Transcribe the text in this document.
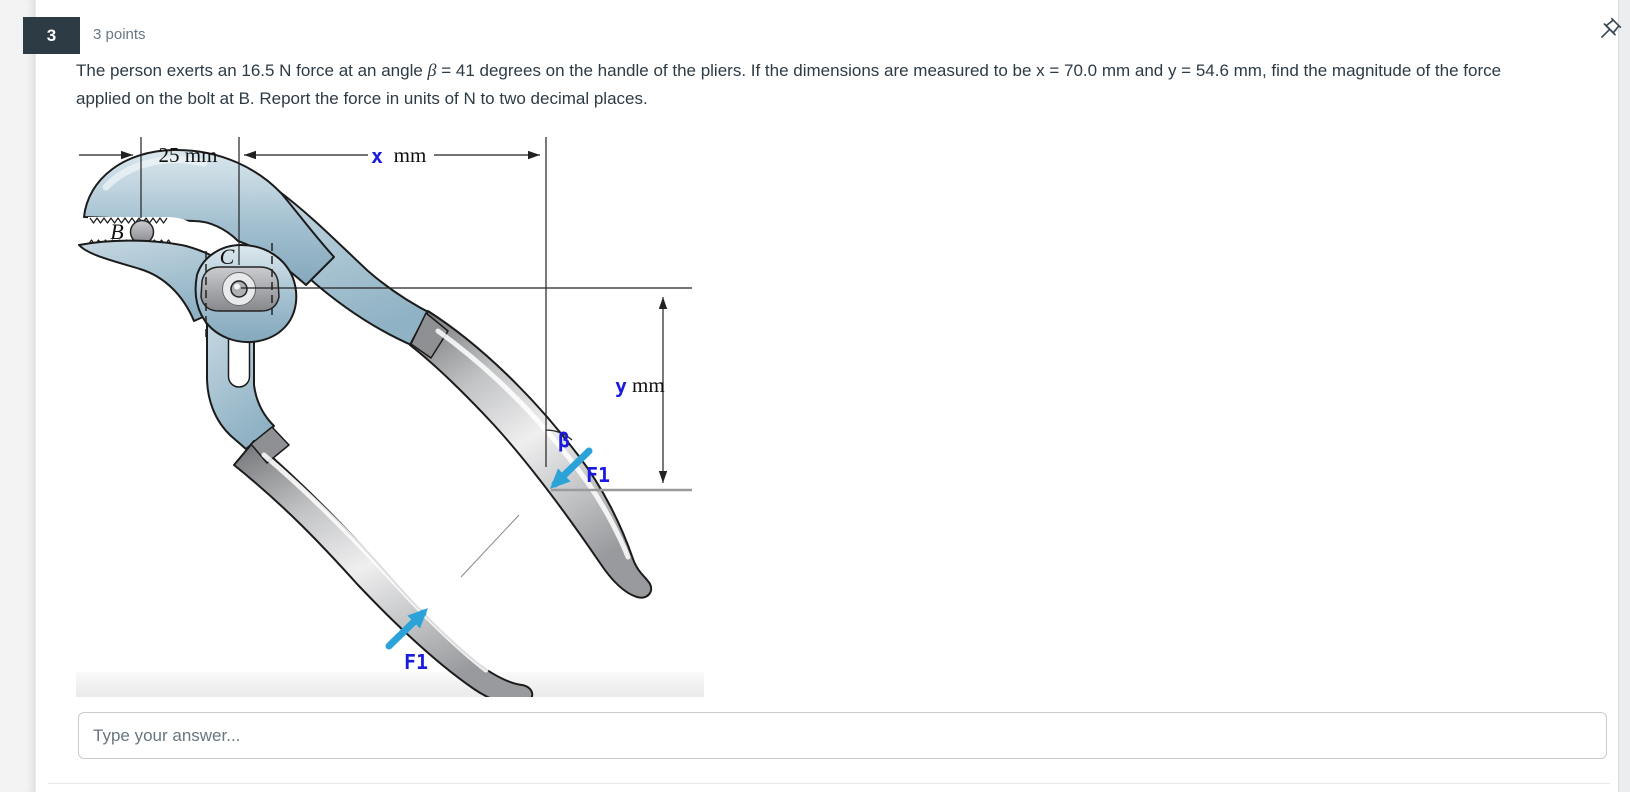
3 3 points
The person exerts an 16.5 N force at an angle β = 41 degrees on the handle of the pliers. If the dimensions are measured to be x = 70.0 mm and y = 54.6 mm, find the magnitude of the force applied on the bolt at B. Report the force in units of N to two decimal places.
25 mm	x mm
y mm
β
F1
F1
B
C
Type your answer...
